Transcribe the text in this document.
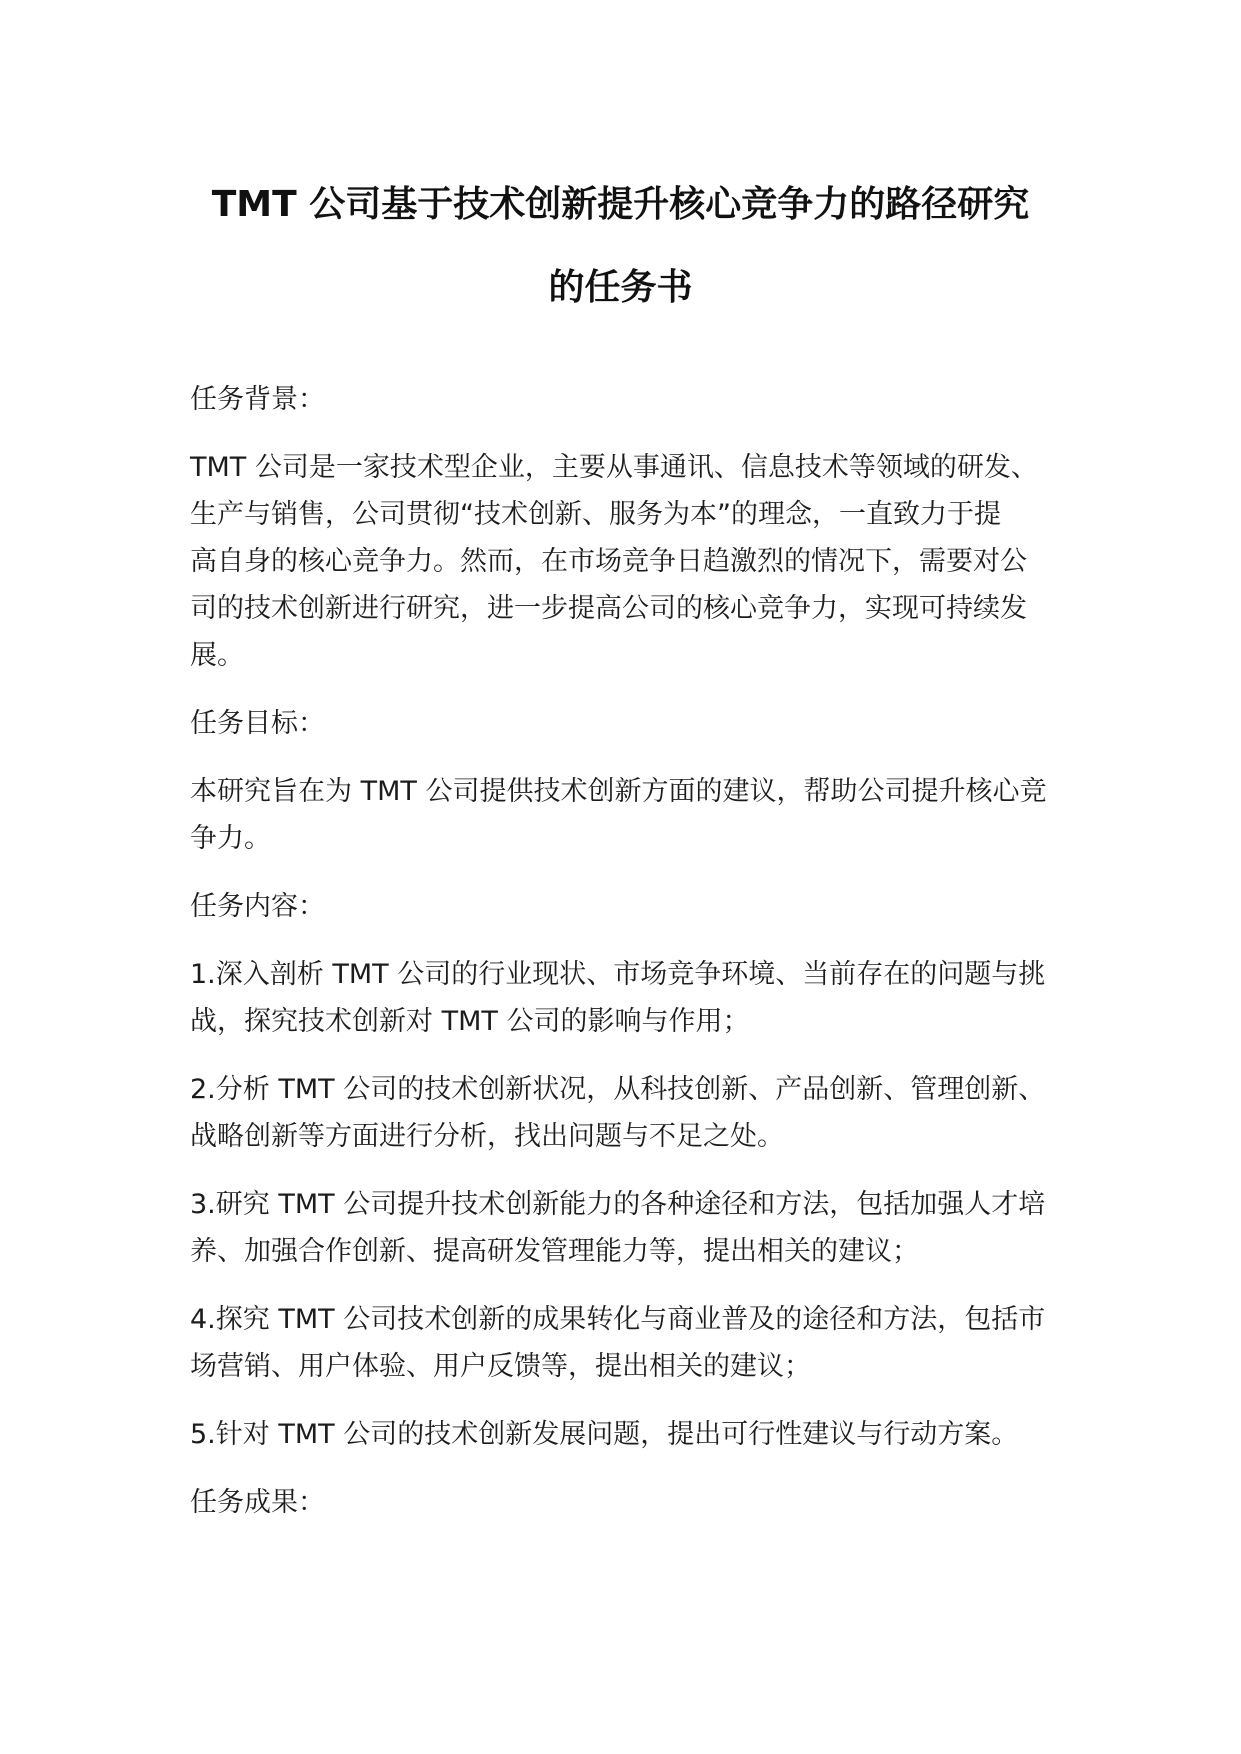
TMT 公司基于技术创新提升核心竞争力的路径研究
的任务书

任务背景：

TMT 公司是一家技术型企业，主要从事通讯、信息技术等领域的研发、
生产与销售，公司贯彻“技术创新、服务为本”的理念，一直致力于提
高自身的核心竞争力。然而，在市场竞争日趋激烈的情况下，需要对公
司的技术创新进行研究，进一步提高公司的核心竞争力，实现可持续发
展。

任务目标：

本研究旨在为 TMT 公司提供技术创新方面的建议，帮助公司提升核心竞
争力。

任务内容：

1.深入剖析 TMT 公司的行业现状、市场竞争环境、当前存在的问题与挑
战，探究技术创新对 TMT 公司的影响与作用；

2.分析 TMT 公司的技术创新状况，从科技创新、产品创新、管理创新、
战略创新等方面进行分析，找出问题与不足之处。

3.研究 TMT 公司提升技术创新能力的各种途径和方法，包括加强人才培
养、加强合作创新、提高研发管理能力等，提出相关的建议；

4.探究 TMT 公司技术创新的成果转化与商业普及的途径和方法，包括市
场营销、用户体验、用户反馈等，提出相关的建议；

5.针对 TMT 公司的技术创新发展问题，提出可行性建议与行动方案。

任务成果：
